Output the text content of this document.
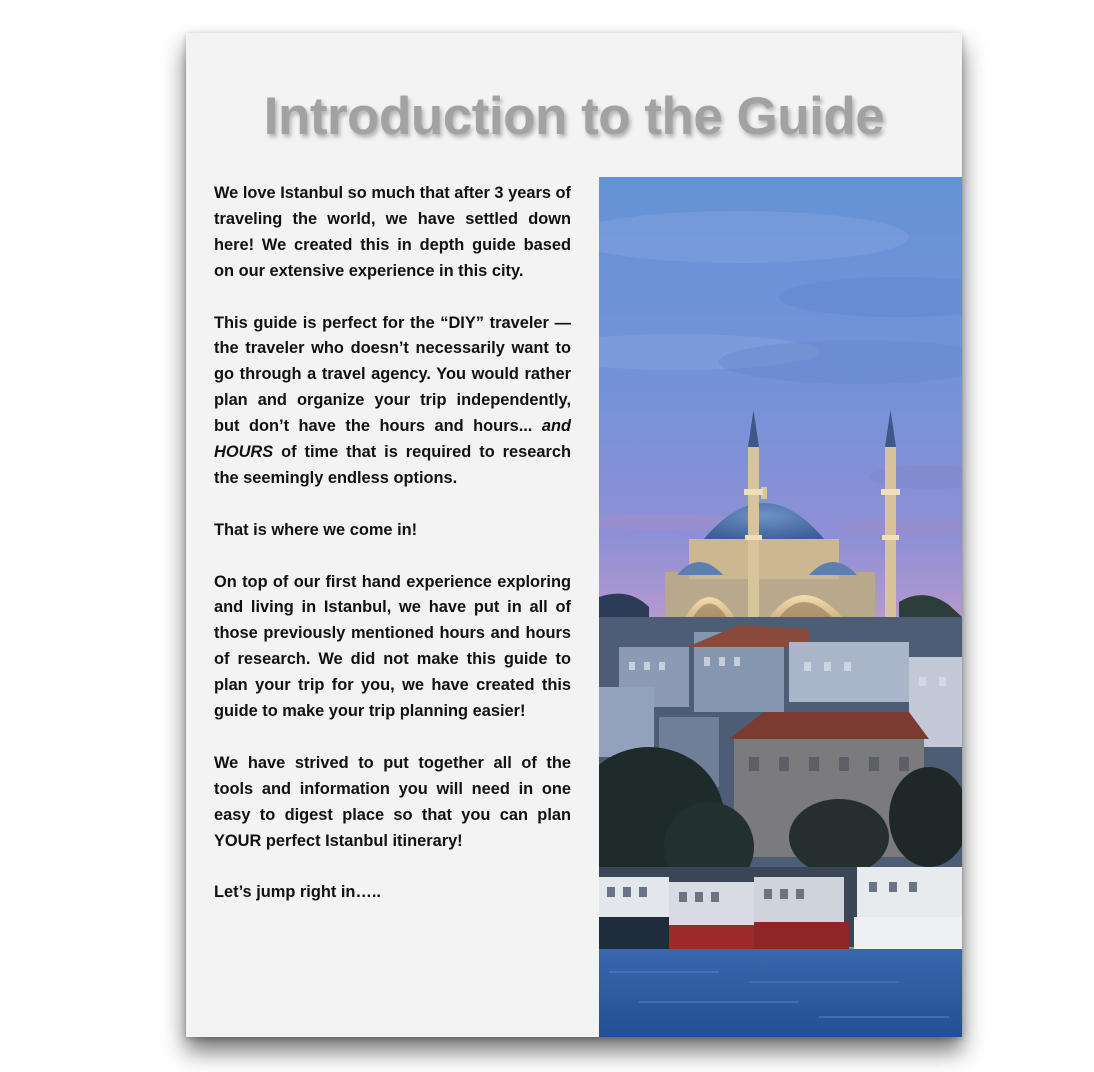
Introduction to the Guide

We love Istanbul so much that after 3 years of traveling the world, we have settled down here! We created this in depth guide based on our extensive experience in this city.

This guide is perfect for the “DIY” traveler — the traveler who doesn’t necessarily want to go through a travel agency. You would rather plan and organize your trip independently, but don’t have the hours and hours... and HOURS of time that is required to research the seemingly endless options.

That is where we come in!

On top of our first hand experience exploring and living in Istanbul, we have put in all of those previously mentioned hours and hours of research. We did not make this guide to plan your trip for you, we have created this guide to make your trip planning easier!

We have strived to put together all of the tools and information you will need in one easy to digest place so that you can plan YOUR perfect Istanbul itinerary!

Let’s jump right in…..
